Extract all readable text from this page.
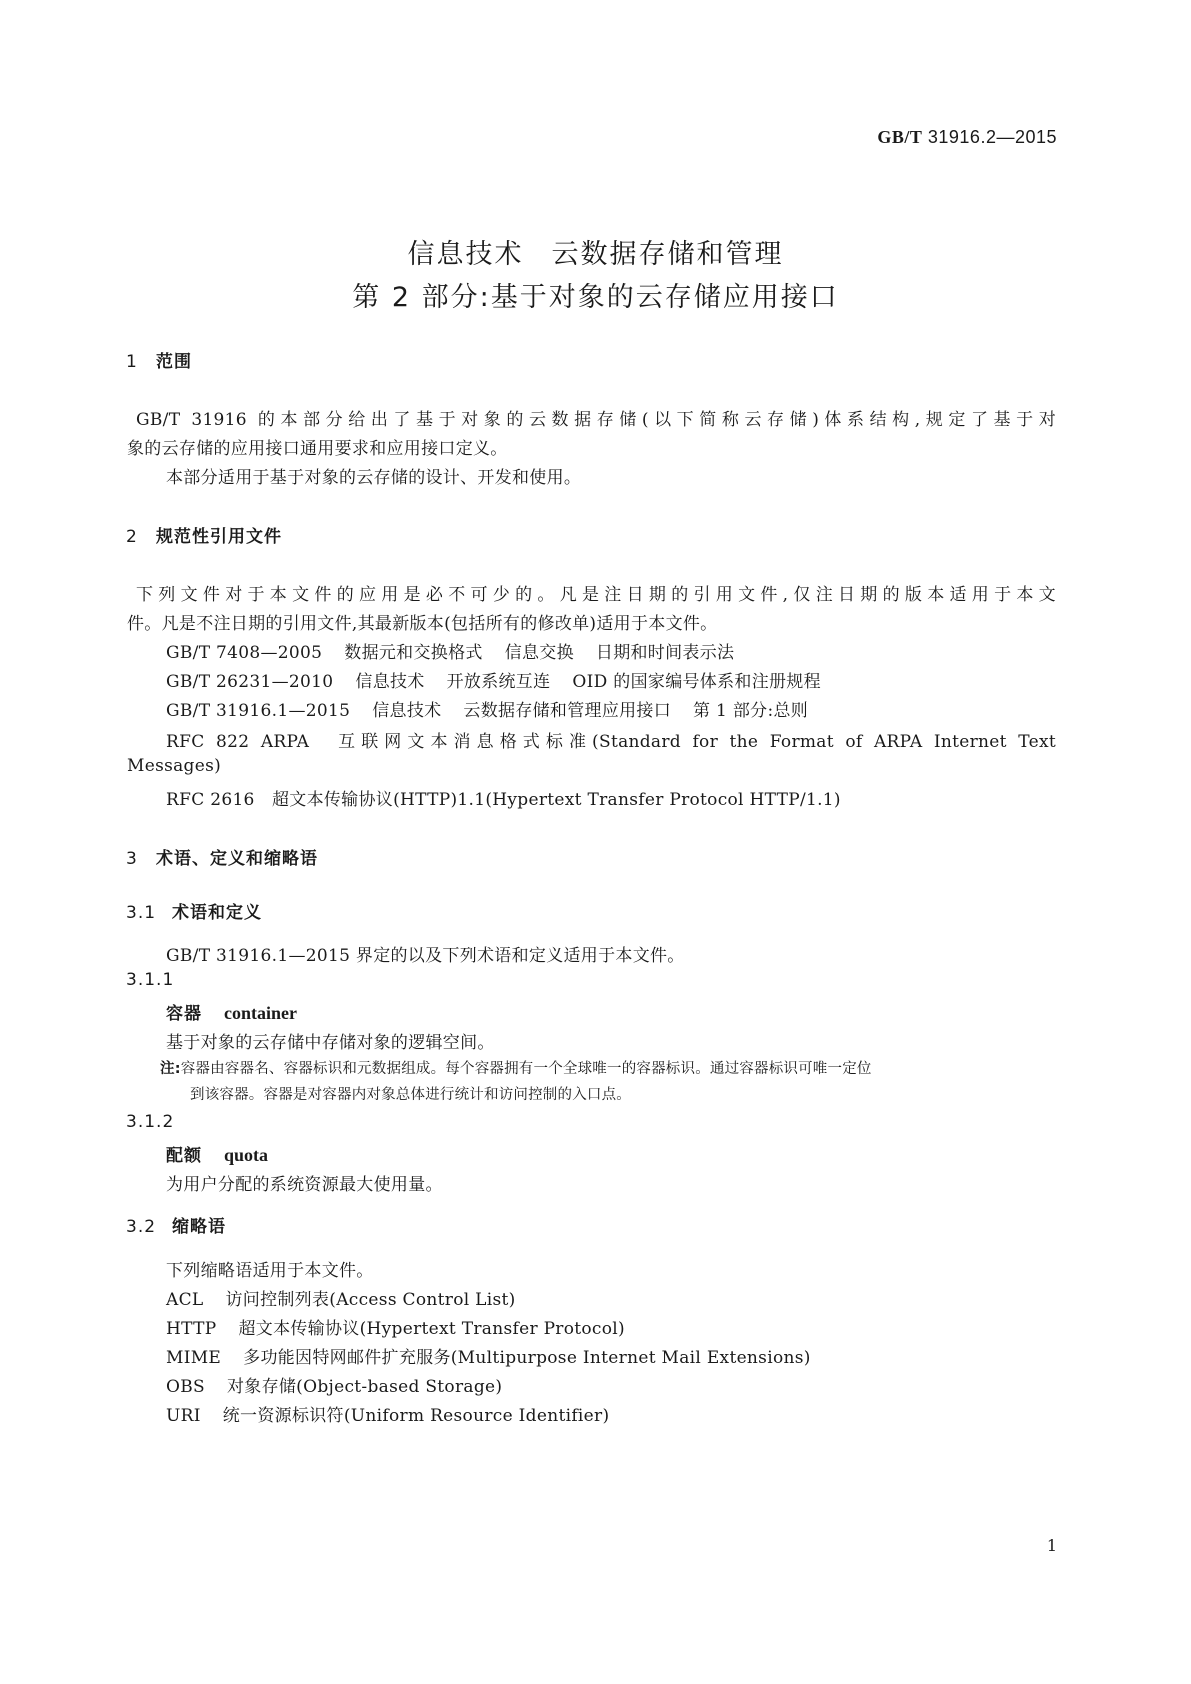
GB/T 31916.2—2015
信息技术 云数据存储和管理
第 2 部分:基于对象的云存储应用接口
1 范围
GB/T 31916 的本部分给出了基于对象的云数据存储(以下简称云存储)体系结构,规定了基于对
象的云存储的应用接口通用要求和应用接口定义。
本部分适用于基于对象的云存储的设计、开发和使用。
2 规范性引用文件
下列文件对于本文件的应用是必不可少的。凡是注日期的引用文件,仅注日期的版本适用于本文
件。凡是不注日期的引用文件,其最新版本(包括所有的修改单)适用于本文件。
GB/T 7408—2005 数据元和交换格式 信息交换 日期和时间表示法
GB/T 26231—2010 信息技术 开放系统互连 OID 的国家编号体系和注册规程
GB/T 31916.1—2015 信息技术 云数据存储和管理应用接口 第 1 部分:总则
RFC 822 ARPA　互联网文本消息格式标准(Standard for the Format of ARPA Internet Text
Messages)
RFC 2616　超文本传输协议(HTTP)1.1(Hypertext Transfer Protocol HTTP/1.1)
3 术语、定义和缩略语
3.1 术语和定义
GB/T 31916.1—2015 界定的以及下列术语和定义适用于本文件。
3.1.1
容器 container
基于对象的云存储中存储对象的逻辑空间。
注:容器由容器名、容器标识和元数据组成。每个容器拥有一个全球唯一的容器标识。通过容器标识可唯一定位
到该容器。容器是对容器内对象总体进行统计和访问控制的入口点。
3.1.2
配额 quota
为用户分配的系统资源最大使用量。
3.2 缩略语
下列缩略语适用于本文件。
ACL 访问控制列表(Access Control List)
HTTP 超文本传输协议(Hypertext Transfer Protocol)
MIME 多功能因特网邮件扩充服务(Multipurpose Internet Mail Extensions)
OBS 对象存储(Object-based Storage)
URI 统一资源标识符(Uniform Resource Identifier)
1
